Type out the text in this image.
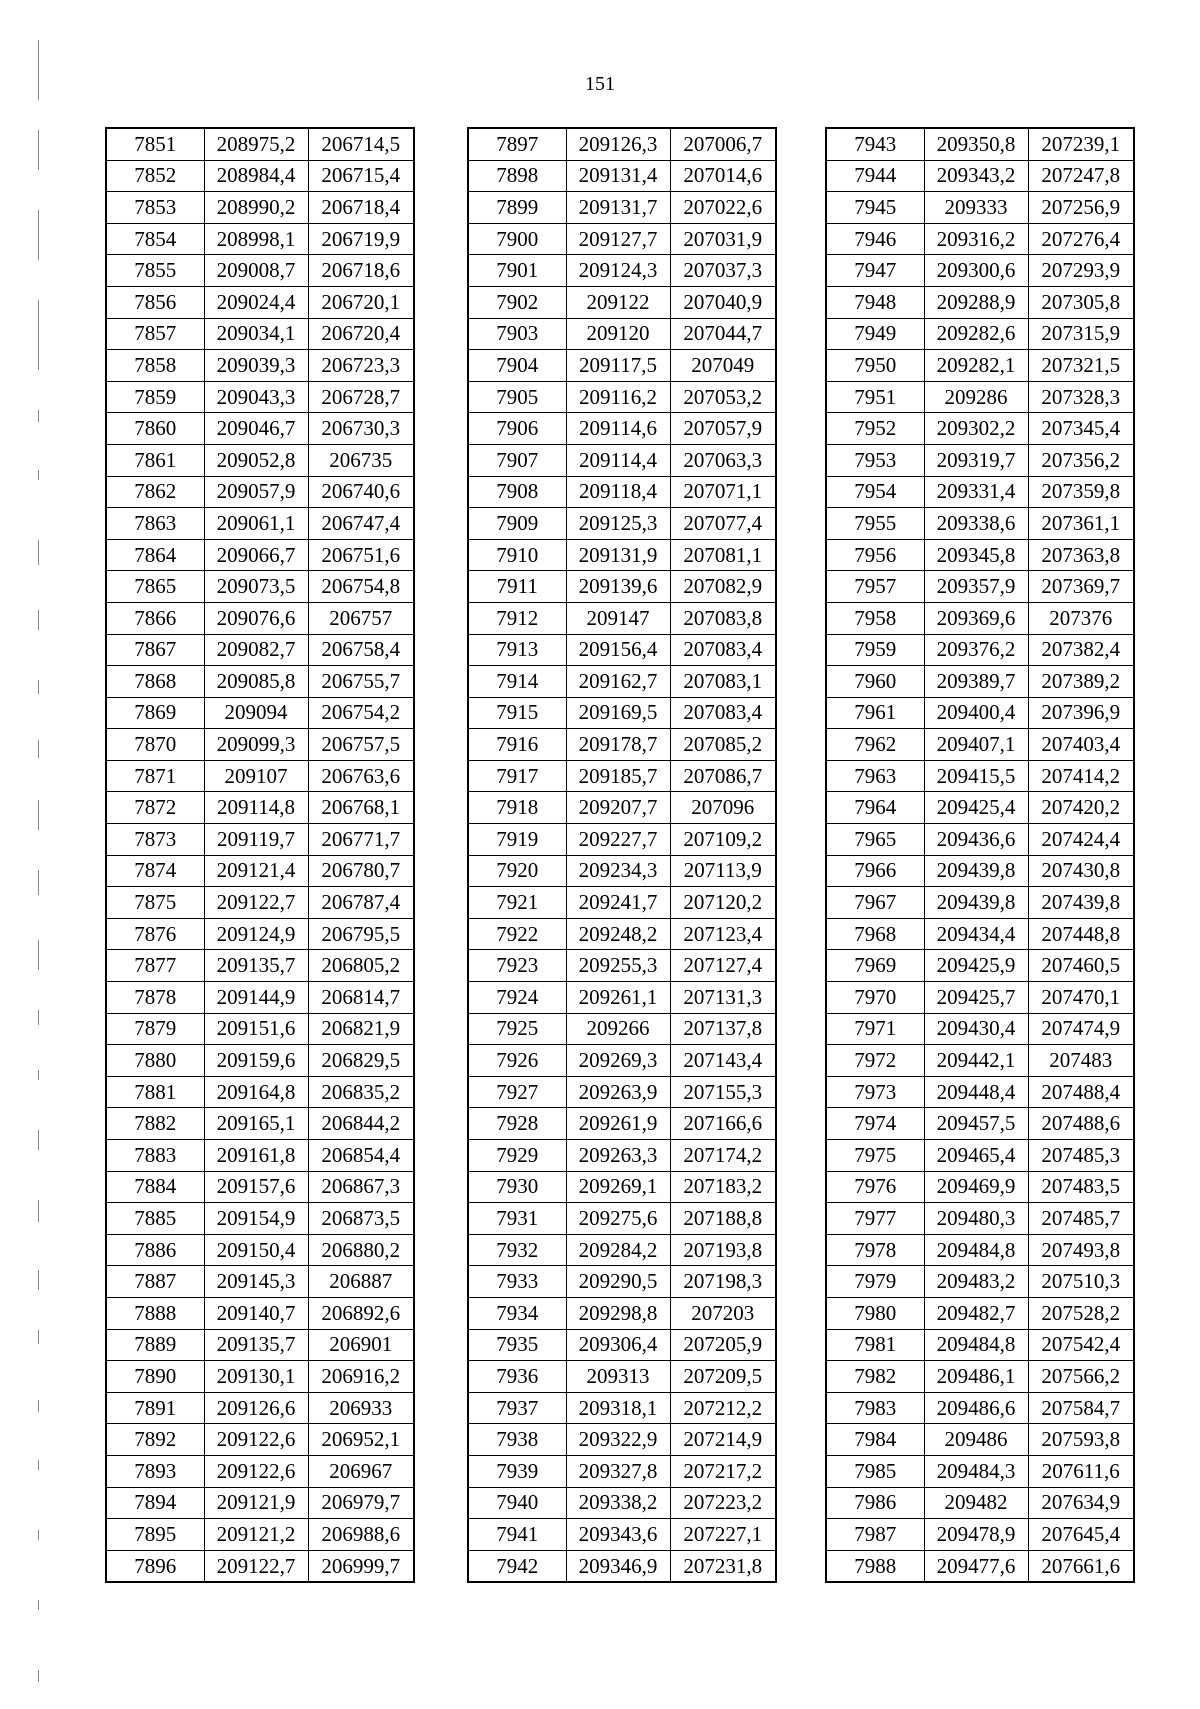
151
7851	208975,2	206714,5
7852	208984,4	206715,4
7853	208990,2	206718,4
7854	208998,1	206719,9
7855	209008,7	206718,6
7856	209024,4	206720,1
7857	209034,1	206720,4
7858	209039,3	206723,3
7859	209043,3	206728,7
7860	209046,7	206730,3
7861	209052,8	206735
7862	209057,9	206740,6
7863	209061,1	206747,4
7864	209066,7	206751,6
7865	209073,5	206754,8
7866	209076,6	206757
7867	209082,7	206758,4
7868	209085,8	206755,7
7869	209094	206754,2
7870	209099,3	206757,5
7871	209107	206763,6
7872	209114,8	206768,1
7873	209119,7	206771,7
7874	209121,4	206780,7
7875	209122,7	206787,4
7876	209124,9	206795,5
7877	209135,7	206805,2
7878	209144,9	206814,7
7879	209151,6	206821,9
7880	209159,6	206829,5
7881	209164,8	206835,2
7882	209165,1	206844,2
7883	209161,8	206854,4
7884	209157,6	206867,3
7885	209154,9	206873,5
7886	209150,4	206880,2
7887	209145,3	206887
7888	209140,7	206892,6
7889	209135,7	206901
7890	209130,1	206916,2
7891	209126,6	206933
7892	209122,6	206952,1
7893	209122,6	206967
7894	209121,9	206979,7
7895	209121,2	206988,6
7896	209122,7	206999,7
7897	209126,3	207006,7
7898	209131,4	207014,6
7899	209131,7	207022,6
7900	209127,7	207031,9
7901	209124,3	207037,3
7902	209122	207040,9
7903	209120	207044,7
7904	209117,5	207049
7905	209116,2	207053,2
7906	209114,6	207057,9
7907	209114,4	207063,3
7908	209118,4	207071,1
7909	209125,3	207077,4
7910	209131,9	207081,1
7911	209139,6	207082,9
7912	209147	207083,8
7913	209156,4	207083,4
7914	209162,7	207083,1
7915	209169,5	207083,4
7916	209178,7	207085,2
7917	209185,7	207086,7
7918	209207,7	207096
7919	209227,7	207109,2
7920	209234,3	207113,9
7921	209241,7	207120,2
7922	209248,2	207123,4
7923	209255,3	207127,4
7924	209261,1	207131,3
7925	209266	207137,8
7926	209269,3	207143,4
7927	209263,9	207155,3
7928	209261,9	207166,6
7929	209263,3	207174,2
7930	209269,1	207183,2
7931	209275,6	207188,8
7932	209284,2	207193,8
7933	209290,5	207198,3
7934	209298,8	207203
7935	209306,4	207205,9
7936	209313	207209,5
7937	209318,1	207212,2
7938	209322,9	207214,9
7939	209327,8	207217,2
7940	209338,2	207223,2
7941	209343,6	207227,1
7942	209346,9	207231,8
7943	209350,8	207239,1
7944	209343,2	207247,8
7945	209333	207256,9
7946	209316,2	207276,4
7947	209300,6	207293,9
7948	209288,9	207305,8
7949	209282,6	207315,9
7950	209282,1	207321,5
7951	209286	207328,3
7952	209302,2	207345,4
7953	209319,7	207356,2
7954	209331,4	207359,8
7955	209338,6	207361,1
7956	209345,8	207363,8
7957	209357,9	207369,7
7958	209369,6	207376
7959	209376,2	207382,4
7960	209389,7	207389,2
7961	209400,4	207396,9
7962	209407,1	207403,4
7963	209415,5	207414,2
7964	209425,4	207420,2
7965	209436,6	207424,4
7966	209439,8	207430,8
7967	209439,8	207439,8
7968	209434,4	207448,8
7969	209425,9	207460,5
7970	209425,7	207470,1
7971	209430,4	207474,9
7972	209442,1	207483
7973	209448,4	207488,4
7974	209457,5	207488,6
7975	209465,4	207485,3
7976	209469,9	207483,5
7977	209480,3	207485,7
7978	209484,8	207493,8
7979	209483,2	207510,3
7980	209482,7	207528,2
7981	209484,8	207542,4
7982	209486,1	207566,2
7983	209486,6	207584,7
7984	209486	207593,8
7985	209484,3	207611,6
7986	209482	207634,9
7987	209478,9	207645,4
7988	209477,6	207661,6
